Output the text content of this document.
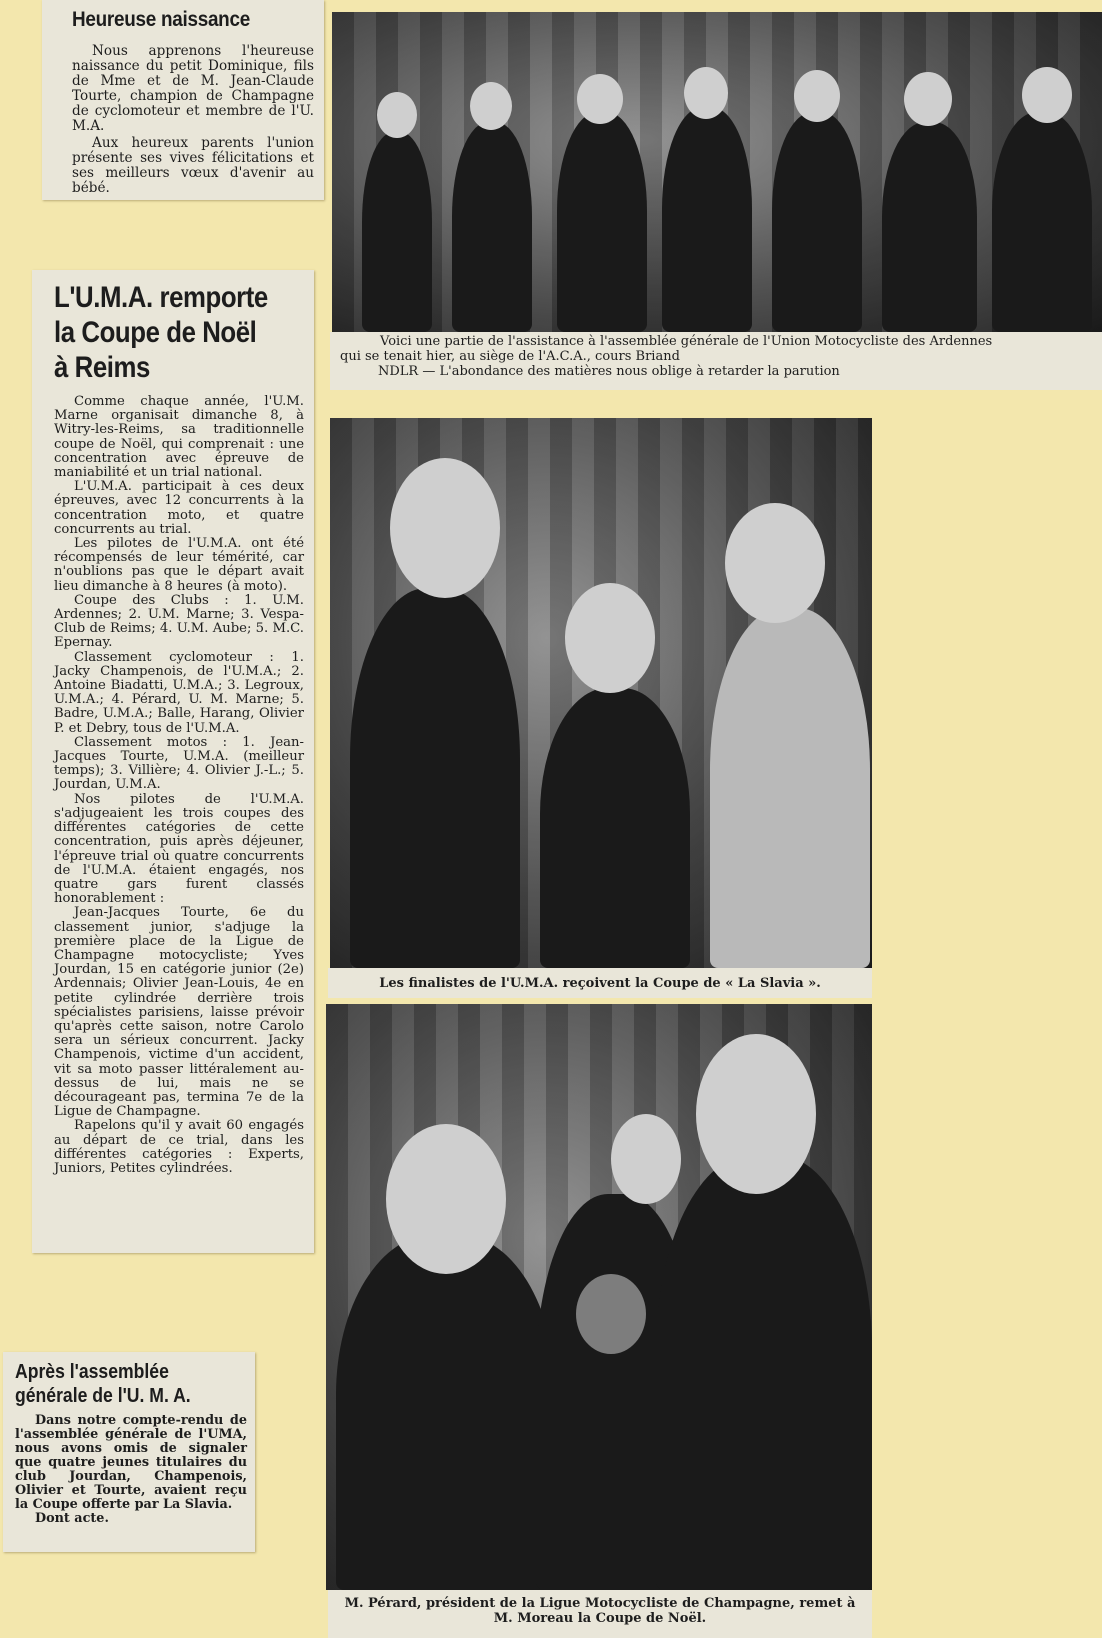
Heureuse naissance

Nous apprenons l'heureuse naissance du petit Dominique, fils de Mme et de M. Jean-Claude Tourte, champion de Champagne de cyclomoteur et membre de l'U. M.A.

Aux heureux parents l'union présente ses vives félicitations et ses meilleurs vœux d'avenir au bébé.

Voici une partie de l'assistance à l'assemblée générale de l'Union Motocycliste des Ardennes
qui se tenait hier, au siège de l'A.C.A., cours Briand
NDLR — L'abondance des matières nous oblige à retarder la parution
L'U.M.A. remporte la Coupe de Noël à Reims

Comme chaque année, l'U.M. Marne organisait dimanche 8, à Witry-les-Reims, sa traditionnelle coupe de Noël, qui comprenait : une concentration avec épreuve de maniabilité et un trial national.

L'U.M.A. participait à ces deux épreuves, avec 12 concurrents à la concentration moto, et quatre concurrents au trial.

Les pilotes de l'U.M.A. ont été récompensés de leur témérité, car n'oublions pas que le départ avait lieu dimanche à 8 heures (à moto).

Coupe des Clubs : 1. U.M. Ardennes; 2. U.M. Marne; 3. Vespa-Club de Reims; 4. U.M. Aube; 5. M.C. Epernay.

Classement cyclomoteur : 1. Jacky Champenois, de l'U.M.A.; 2. Antoine Biadatti, U.M.A.; 3. Legroux, U.M.A.; 4. Pérard, U. M. Marne; 5. Badre, U.M.A.; Balle, Harang, Olivier P. et Debry, tous de l'U.M.A.

Classement motos : 1. Jean-Jacques Tourte, U.M.A. (meilleur temps); 3. Villière; 4. Olivier J.-L.; 5. Jourdan, U.M.A.

Nos pilotes de l'U.M.A. s'adjugeaient les trois coupes des différentes catégories de cette concentration, puis après déjeuner, l'épreuve trial où quatre concurrents de l'U.M.A. étaient engagés, nos quatre gars furent classés honorablement :

Jean-Jacques Tourte, 6e du classement junior, s'adjuge la première place de la Ligue de Champagne motocycliste; Yves Jourdan, 15 en catégorie junior (2e) Ardennais; Olivier Jean-Louis, 4e en petite cylindrée derrière trois spécialistes parisiens, laisse prévoir qu'après cette saison, notre Carolo sera un sérieux concurrent. Jacky Champenois, victime d'un accident, vit sa moto passer littéralement au-dessus de lui, mais ne se décourageant pas, termina 7e de la Ligue de Champagne.

Rapelons qu'il y avait 60 engagés au départ de ce trial, dans les différentes catégories : Experts, Juniors, Petites cylindrées.

Les finalistes de l'U.M.A. reçoivent la Coupe de « La Slavia ».
Après l'assemblée générale de l'U. M. A.

Dans notre compte-rendu de l'assemblée générale de l'UMA, nous avons omis de signaler que quatre jeunes titulaires du club Jourdan, Champenois, Olivier et Tourte, avaient reçu la Coupe offerte par La Slavia.

Dont acte.

M. Pérard, président de la Ligue Motocycliste de Champagne, remet à M. Moreau la Coupe de Noël.
